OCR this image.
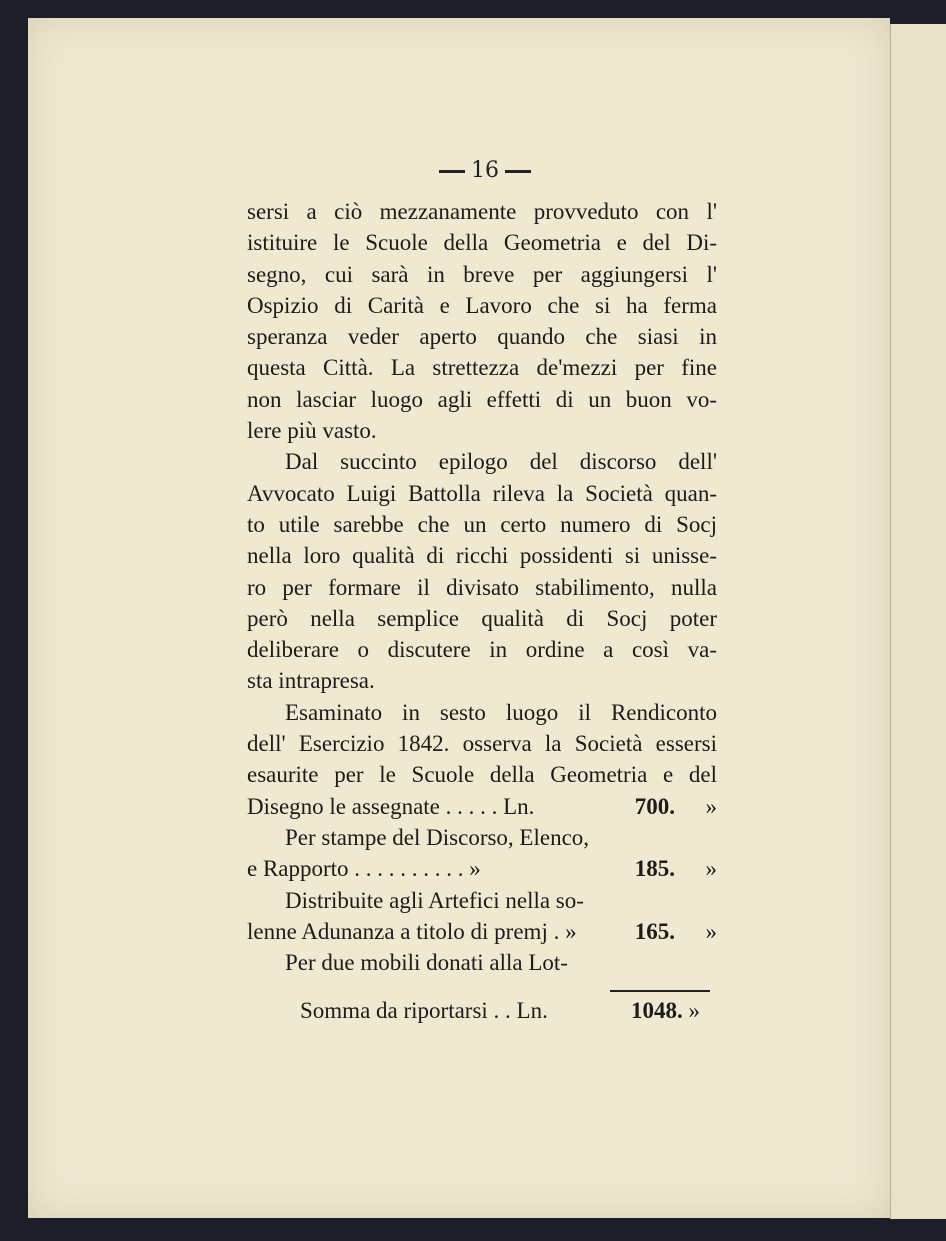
16
sersi a ciò mezzanamente provveduto con l'
istituire le Scuole della Geometria e del Di-
segno, cui sarà in breve per aggiungersi l'
Ospizio di Carità e Lavoro che si ha ferma
speranza veder aperto quando che siasi in
questa Città. La strettezza de'mezzi per fine
non lasciar luogo agli effetti di un buon vo-
lere più vasto.
Dal succinto epilogo del discorso dell'
Avvocato Luigi Battolla rileva la Società quan-
to utile sarebbe che un certo numero di Socj
nella loro qualità di ricchi possidenti si unisse-
ro per formare il divisato stabilimento, nulla
però nella semplice qualità di Socj poter
deliberare o discutere in ordine a così va-
sta intrapresa.
Esaminato in sesto luogo il Rendiconto
dell' Esercizio 1842. osserva la Società essersi
esaurite per le Scuole della Geometria e del
Disegno le assegnate . . . . . Ln.	700.	»
Per stampe del Discorso, Elenco,
e Rapporto . . . . . . . . . . »	185.	»
Distribuite agli Artefici nella so-
lenne Adunanza a titolo di premj . »	165.	»
Per due mobili donati alla Lot-
Somma da riportarsi . . Ln.	1048. »
